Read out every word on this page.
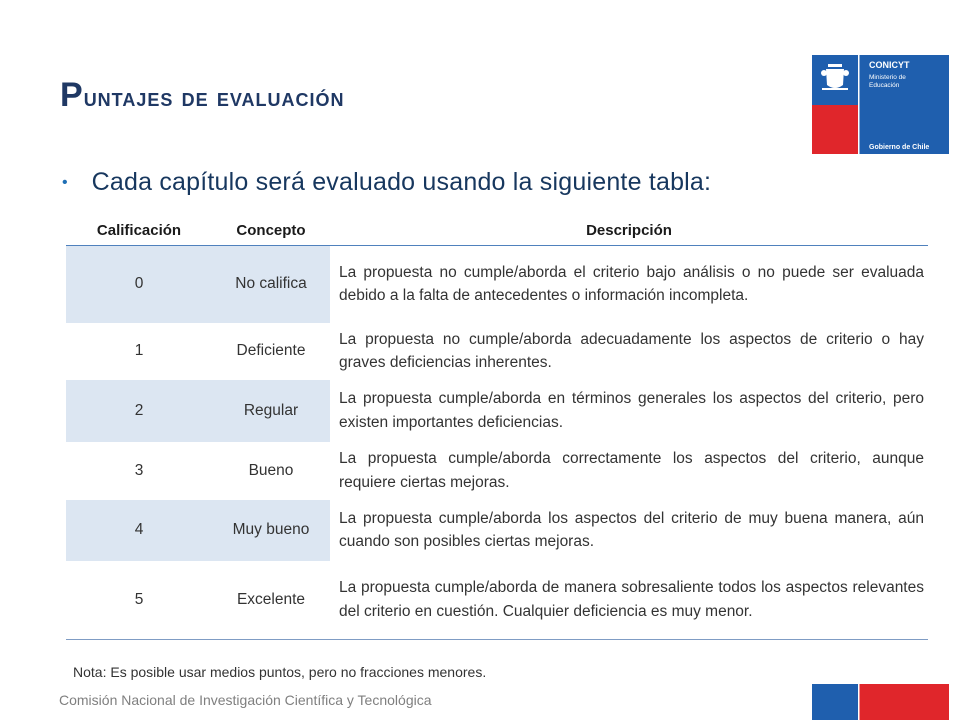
Puntajes de evaluación
CONICYT
Ministerio de
Educación
Gobierno de Chile
• Cada capítulo será evaluado usando la siguiente tabla:
Calificación	Concepto	Descripción
0	No califica	La propuesta no cumple/aborda el criterio bajo análisis o no puede ser evaluada debido a la falta de antecedentes o información incompleta.
1	Deficiente	La propuesta no cumple/aborda adecuadamente los aspectos de criterio o hay graves deficiencias inherentes.
2	Regular	La propuesta cumple/aborda en términos generales los aspectos del criterio, pero existen importantes deficiencias.
3	Bueno	La propuesta cumple/aborda correctamente los aspectos del criterio, aunque requiere ciertas mejoras.
4	Muy bueno	La propuesta cumple/aborda los aspectos del criterio de muy buena manera, aún cuando son posibles ciertas mejoras.
5	Excelente	La propuesta cumple/aborda de manera sobresaliente todos los aspectos relevantes del criterio en cuestión. Cualquier deficiencia es muy menor.
Nota: Es posible usar medios puntos, pero no fracciones menores.
Comisión Nacional de Investigación Científica y Tecnológica
